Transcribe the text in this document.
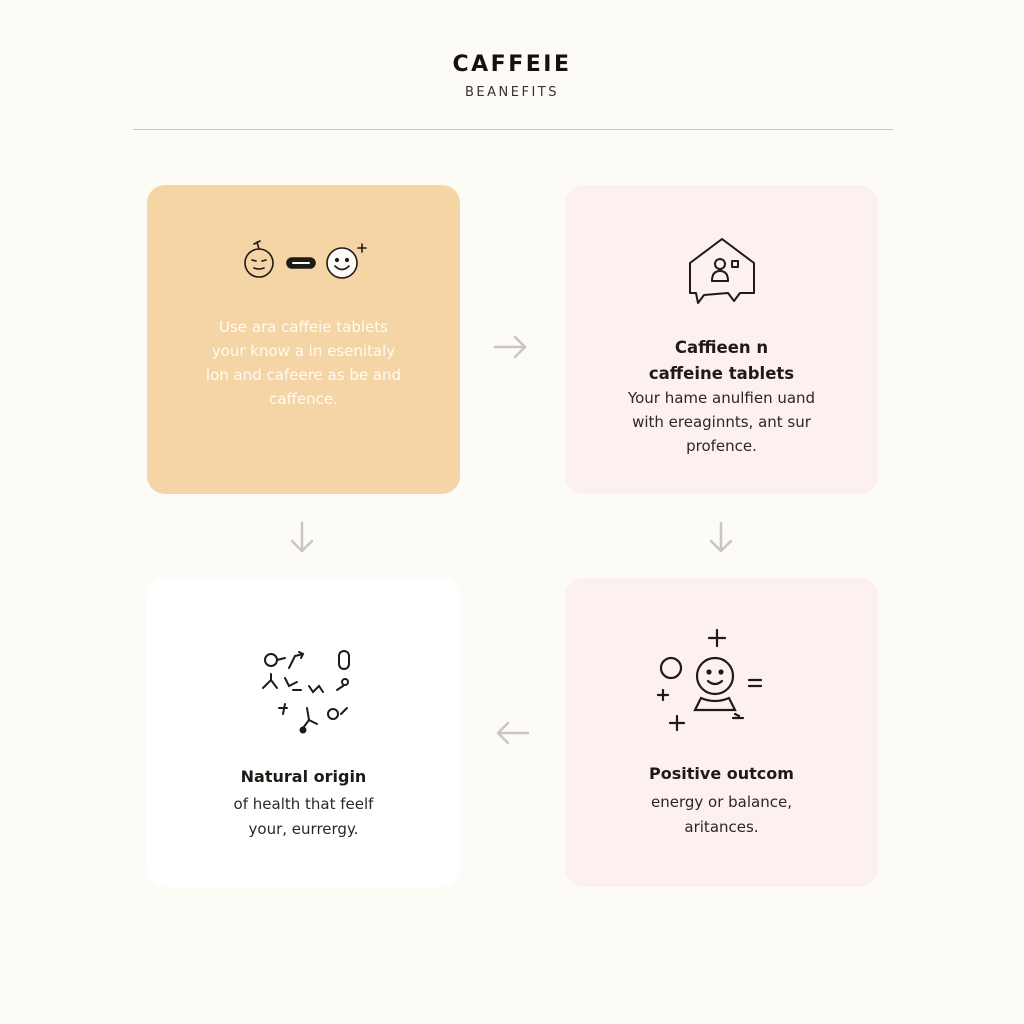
CAFFEIE
BEANEFITS
Use ara caffeie tablets
your know a in esenitaly
lon and cafeere as be and
caffence.
Caffieen n
caffeine tablets
Your hame anulfien uand
with ereaginnts, ant sur
profence.
Natural origin
of health that feelf
your, eurrergy.
Positive outcom
energy or balance,
aritances.
